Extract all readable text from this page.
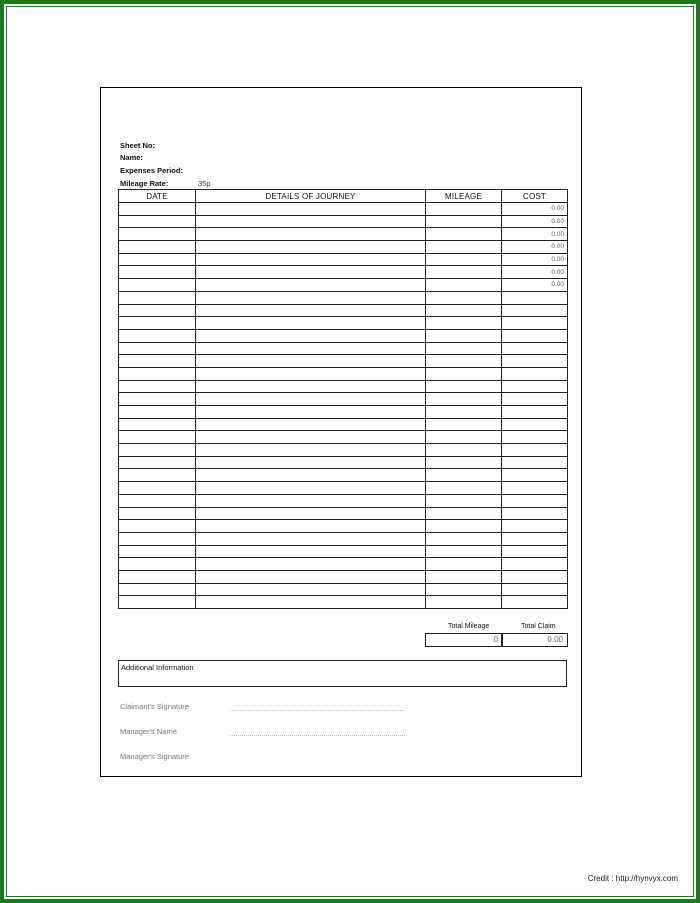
Sheet No:
Name:
Expenses Period:
Mileage Rate:	35p
DATE	DETAILS OF JOURNEY	MILEAGE	COST
			0.00
			0.00
			0.00
			0.00
			0.00
			0.00
			0.00

Total Mileage	Total Claim
0	0.00
Additional Information
Claimant's Signature
Manager's Name
Manager's Signature
Credit : http://hynvyx.com
